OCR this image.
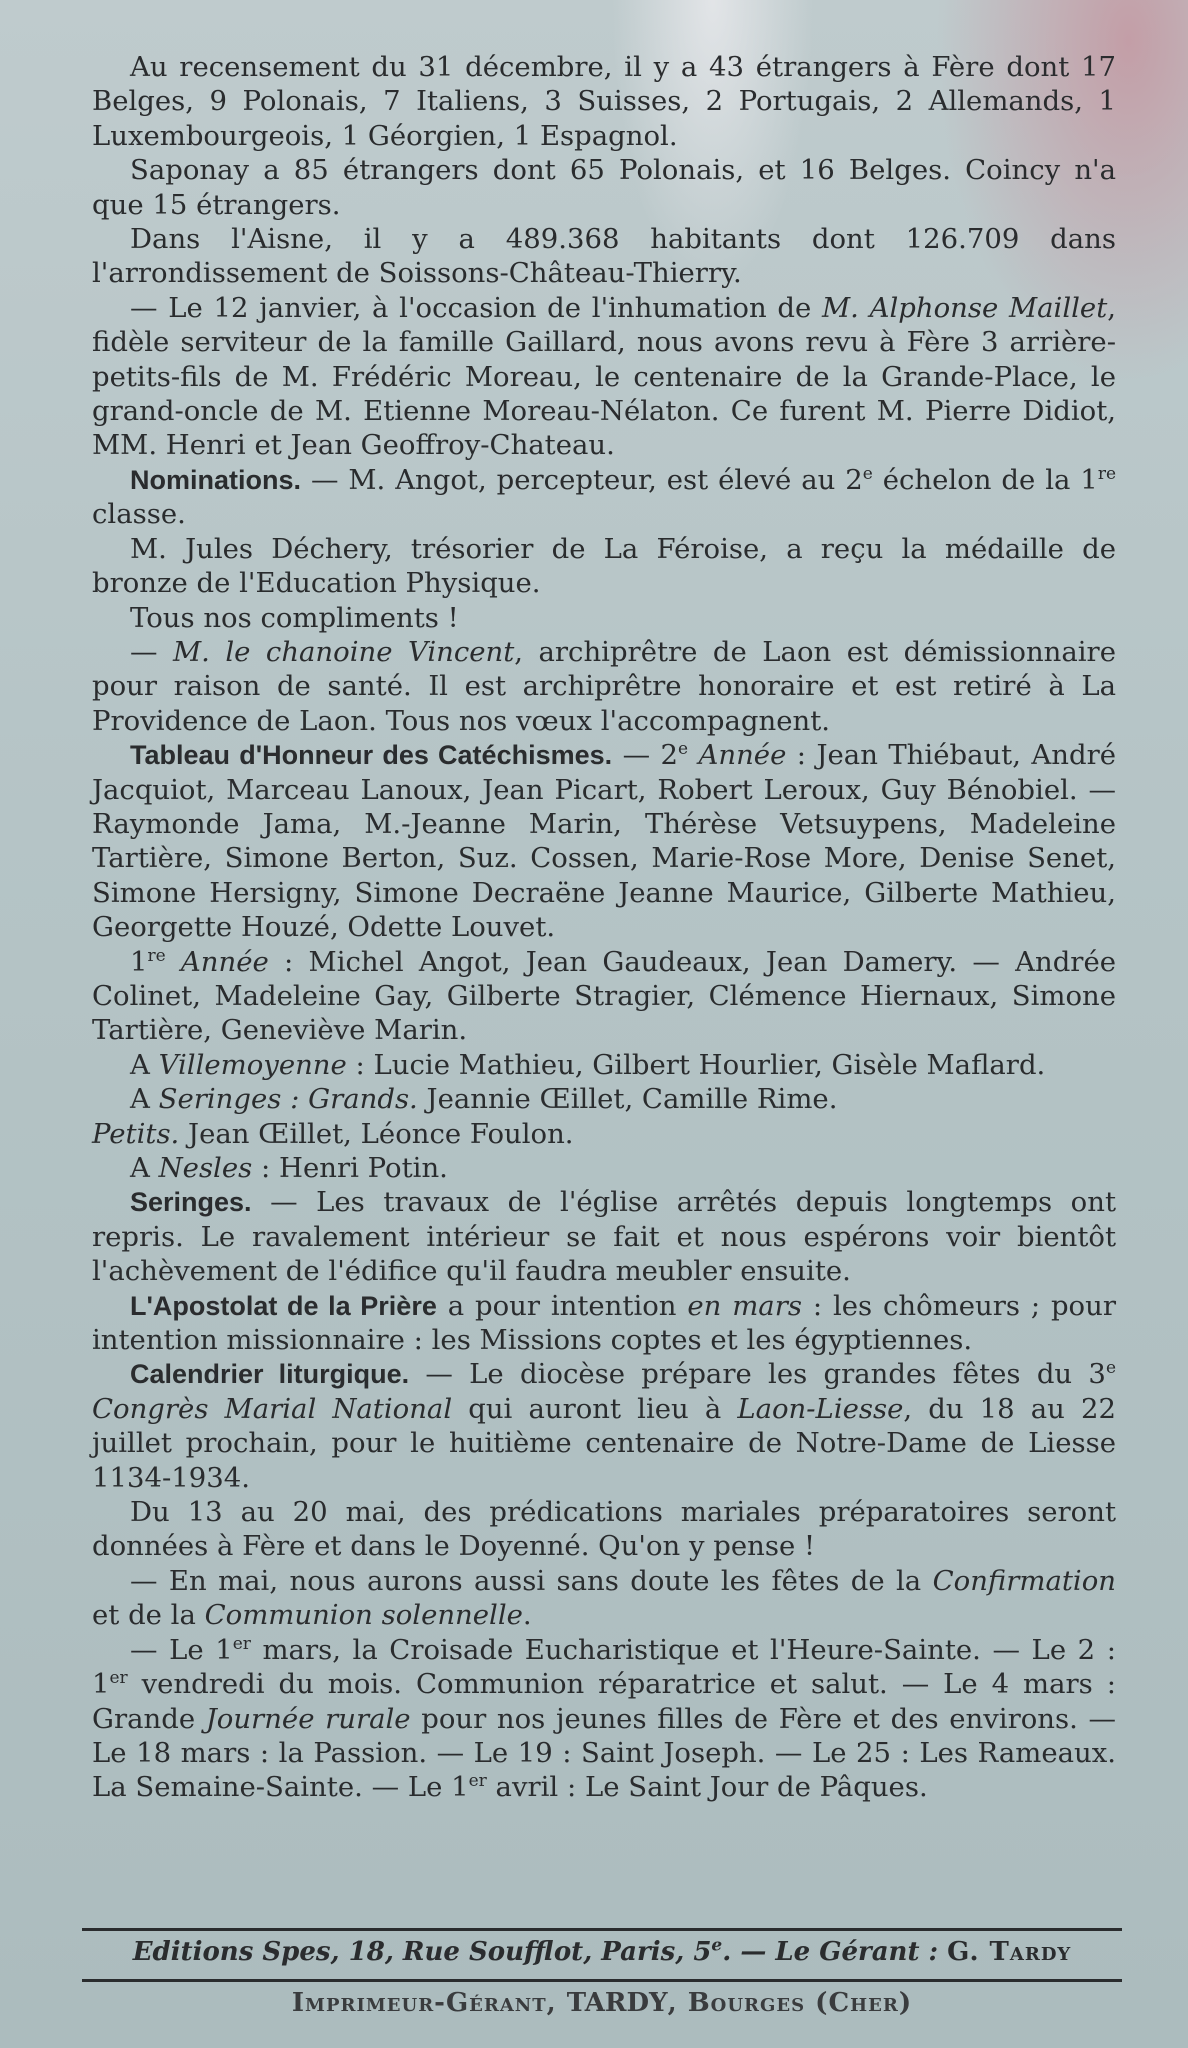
Au recensement du 31 décembre, il y a 43 étrangers à Fère dont 17 Belges, 9 Polonais, 7 Italiens, 3 Suisses, 2 Portugais, 2 Allemands, 1 Luxembourgeois, 1 Géorgien, 1 Espagnol.

Saponay a 85 étrangers dont 65 Polonais, et 16 Belges. Coincy n'a que 15 étrangers.

Dans l'Aisne, il y a 489.368 habitants dont 126.709 dans l'arrondissement de Soissons-Château-Thierry.

— Le 12 janvier, à l'occasion de l'inhumation de M. Alphonse Maillet, fidèle serviteur de la famille Gaillard, nous avons revu à Fère 3 arrière-petits-fils de M. Frédéric Moreau, le centenaire de la Grande-Place, le grand-oncle de M. Etienne Moreau-Nélaton. Ce furent M. Pierre Didiot, MM. Henri et Jean Geoffroy-Chateau.

Nominations. — M. Angot, percepteur, est élevé au 2e échelon de la 1re classe.

M. Jules Déchery, trésorier de La Féroise, a reçu la médaille de bronze de l'Education Physique.

Tous nos compliments !

— M. le chanoine Vincent, archiprêtre de Laon est démissionnaire pour raison de santé. Il est archiprêtre honoraire et est retiré à La Providence de Laon. Tous nos vœux l'accompagnent.

Tableau d'Honneur des Catéchismes. — 2e Année : Jean Thiébaut, André Jacquiot, Marceau Lanoux, Jean Picart, Robert Leroux, Guy Bénobiel. — Raymonde Jama, M.-Jeanne Marin, Thérèse Vetsuypens, Madeleine Tartière, Simone Berton, Suz. Cossen, Marie-Rose More, Denise Senet, Simone Hersigny, Simone Decraëne Jeanne Maurice, Gilberte Mathieu, Georgette Houzé, Odette Louvet.

1re Année : Michel Angot, Jean Gaudeaux, Jean Damery. — Andrée Colinet, Madeleine Gay, Gilberte Stragier, Clémence Hiernaux, Simone Tartière, Geneviève Marin.

A Villemoyenne : Lucie Mathieu, Gilbert Hourlier, Gisèle Maflard.

A Seringes : Grands. Jeannie Œillet, Camille Rime.

Petits. Jean Œillet, Léonce Foulon.

A Nesles : Henri Potin.

Seringes. — Les travaux de l'église arrêtés depuis longtemps ont repris. Le ravalement intérieur se fait et nous espérons voir bientôt l'achèvement de l'édifice qu'il faudra meubler ensuite.

L'Apostolat de la Prière a pour intention en mars : les chômeurs ; pour intention missionnaire : les Missions coptes et les égyptiennes.

Calendrier liturgique. — Le diocèse prépare les grandes fêtes du 3e Congrès Marial National qui auront lieu à Laon-Liesse, du 18 au 22 juillet prochain, pour le huitième centenaire de Notre-Dame de Liesse 1134-1934.

Du 13 au 20 mai, des prédications mariales préparatoires seront données à Fère et dans le Doyenné. Qu'on y pense !

— En mai, nous aurons aussi sans doute les fêtes de la Confirmation et de la Communion solennelle.

— Le 1er mars, la Croisade Eucharistique et l'Heure-Sainte. — Le 2 : 1er vendredi du mois. Communion réparatrice et salut. — Le 4 mars : Grande Journée rurale pour nos jeunes filles de Fère et des environs. — Le 18 mars : la Passion. — Le 19 : Saint Joseph. — Le 25 : Les Rameaux. La Semaine-Sainte. — Le 1er avril : Le Saint Jour de Pâques.

Editions Spes, 18, Rue Soufflot, Paris, 5e. — Le Gérant : G. Tardy
Imprimeur-Gérant, TARDY, Bourges (Cher)
